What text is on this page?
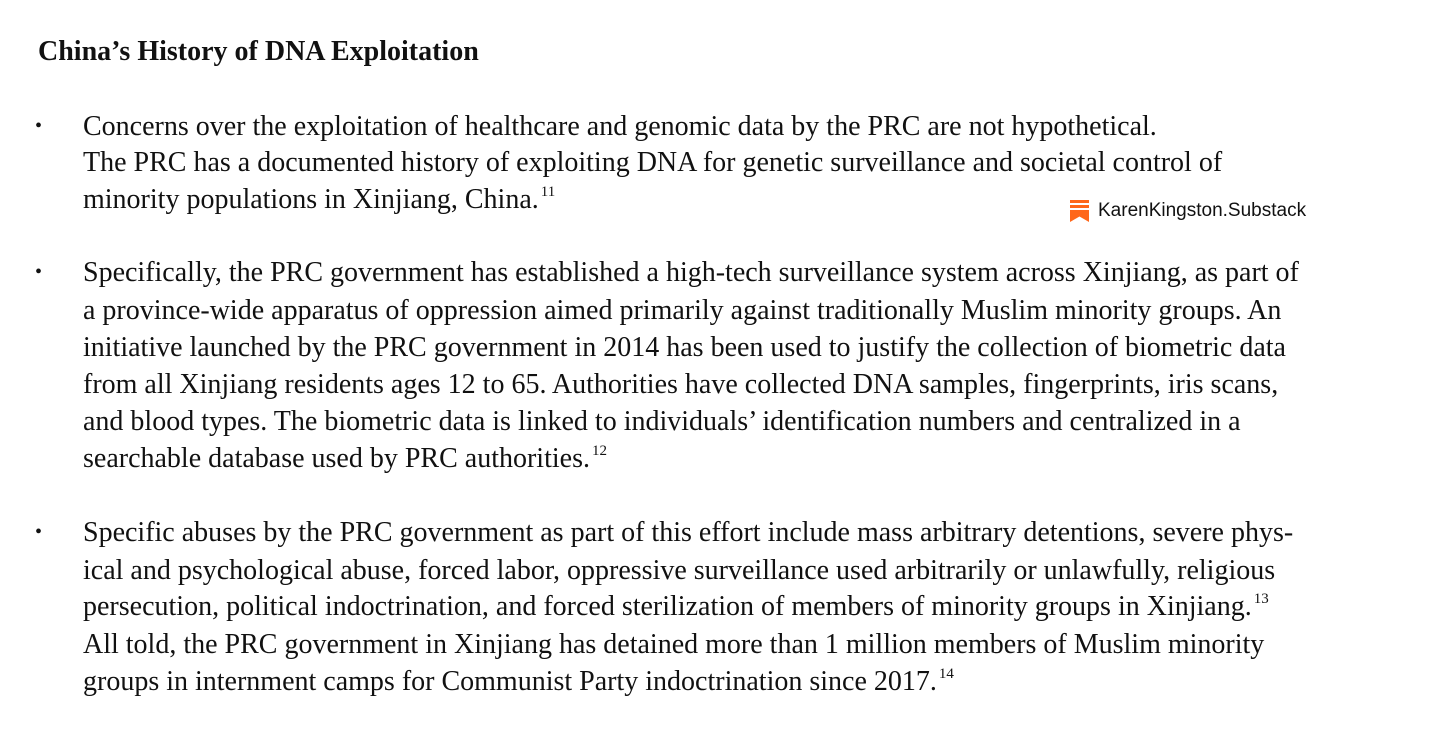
China’s History of DNA Exploitation
• Concerns over the exploitation of healthcare and genomic data by the PRC are not hypothetical.
The PRC has a documented history of exploiting DNA for genetic surveillance and societal control of
minority populations in Xinjiang, China. $^{11}$
KarenKingston.Substack
• Specifically, the PRC government has established a high-tech surveillance system across Xinjiang, as part of
a province-wide apparatus of oppression aimed primarily against traditionally Muslim minority groups. An
initiative launched by the PRC government in 2014 has been used to justify the collection of biometric data
from all Xinjiang residents ages 12 to 65. Authorities have collected DNA samples, fingerprints, iris scans,
and blood types. The biometric data is linked to individuals’ identification numbers and centralized in a
searchable database used by PRC authorities. $^{12}$
• Specific abuses by the PRC government as part of this effort include mass arbitrary detentions, severe phys-
ical and psychological abuse, forced labor, oppressive surveillance used arbitrarily or unlawfully, religious
persecution, political indoctrination, and forced sterilization of members of minority groups in Xinjiang. $^{13}$
All told, the PRC government in Xinjiang has detained more than 1 million members of Muslim minority
groups in internment camps for Communist Party indoctrination since 2017. $^{14}$
